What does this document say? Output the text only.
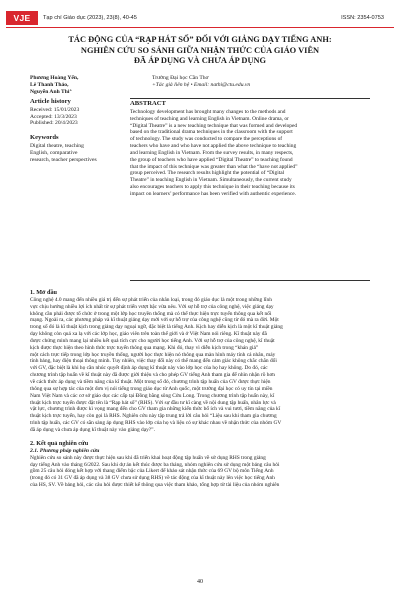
VJE	Tạp chí Giáo dục (2023), 23(8), 40-45	ISSN: 2354-0753
TÁC ĐỘNG CỦA “RẠP HÁT SỐ” ĐỐI VỚI GIẢNG DẠY TIẾNG ANH:
NGHIÊN CỨU SO SÁNH GIỮA NHẬN THỨC CỦA GIÁO VIÊN
ĐÃ ÁP DỤNG VÀ CHƯA ÁP DỤNG
Phương Hoàng Yến,
Lê Thanh Thảo,
Nguyễn Anh Thi⁺
Trường Đại học Cần Thơ
+Tác giả liên hệ • Email: nathi@ctu.edu.vn
Article history
Received: 15/01/2023
Accepted: 13/3/2023
Published: 20/4/2023
Keywords
Digital theatre, teaching
English, comparative
research, teacher perspectives
ABSTRACT
Technology development has brought many changes to the methods and
techniques of teaching and learning English in Vietnam. Online drama, or
“Digital Theatre” is a new teaching technique that was formed and developed
based on the traditional drama techniques in the classroom with the support
of technology. The study was conducted to compare the perceptions of
teachers who have and who have not applied the above technique to teaching
and learning English in Vietnam. From the survey results, in many respects,
the group of teachers who have applied “Digital Theatre” to teaching found
that the impact of this technique was greater than what the “have not applied”
group perceived. The research results highlight the potential of “Digital
Theatre” in teaching English in Vietnam. Simultaneously, the current study
also encourages teachers to apply this technique in their teaching because its
impact on learners’ performance has been verified with authentic experience.
1. Mở đầu
Công nghệ 4.0 mang đến nhiều giá trị đến sự phát triển của nhân loại, trong đó giáo dục là một trong những lĩnh
vực chịu hướng nhiều lợi ích nhất từ sự phát triển vượt bậc vừa nêu. Với sự hỗ trợ của công nghệ, việc giảng dạy
không cần phải được tổ chức ở trong một lớp học truyền thống mà có thể thực hiện trực tuyến thông qua kết nối
mạng. Ngoài ra, các phương pháp và kĩ thuật giảng dạy mới với sự hỗ trợ của công nghệ cũng từ đó mà ra đời. Một
trong số đó là kĩ thuật kịch trong giảng dạy ngoại ngữ, đặc biệt là tiếng Anh. Kịch hay diễn kịch là một kĩ thuật giảng
dạy không còn quá xa lạ với các lớp học, giáo viên trên toàn thế giới và ở Việt Nam nói riêng. Kĩ thuật này đã
được chứng minh mang lại nhiều kết quả tích cực cho người học tiếng Anh. Với sự hỗ trợ của công nghệ, kĩ thuật
kịch được thực hiện theo hình thức trực tuyến thông qua mạng. Khi đó, thay vì diễn kịch trong “khán giả”
một cách trực tiếp trong lớp học truyền thống, người học thực hiện nó thông qua màn hình máy tính cá nhân, máy
tính bảng, hay điện thoại thông minh. Tuy nhiên, việc thay đổi này có thể mang đến cảm giác không chắc chắn đối
với GV, đặc biệt là khi họ cần nhúc quyết định áp dụng kĩ thuật này vào lớp học của họ hay không. Do đó, các
chương trình tập huấn về kĩ thuật này đã được giới thiệu và cho phép GV tiếng Anh tham gia để nhìn nhận rõ hơn
về cách thức áp dụng và tiềm năng của kĩ thuật. Một trong số đó, chương trình tập huấn của GV được thực hiện
thông qua sự hợp tác của một đơn vị nói tiếng trong giáo dục từ Anh quốc, một trường đại học có uy tín tại miền
Nam Việt Nam và các cơ sở giáo dục các cấp tại Đồng bằng sông Cửu Long. Trong chương trình tập huấn này, kĩ
thuật kịch trực tuyến được đặt tên là “Rạp hát số” (RHS). Với sự đầu tư kĩ càng về nội dung tập huấn, nhân lực và
vật lực, chương trình được kì vọng mang đến cho GV tham gia những kiến thức bổ ích và vui tươi, tiềm năng của kĩ
thuật kịch trực tuyến, hay còn gọi là RHS. Nghiên cứu này tập trung trả lời câu hỏi “Liệu sau khi tham gia chương
trình tập huấn, các GV có sẵn sàng áp dụng RHS vào lớp của họ và liệu có sự khác nhau về nhận thức của nhóm GV
đã áp dụng và chưa áp dụng kĩ thuật này vào giảng dạy?”.
2. Kết quả nghiên cứu
2.1. Phương pháp nghiên cứu
Nghiên cứu so sánh này được thực hiện sau khi đã triển khai hoạt động tập huấn về sử dụng RHS trong giảng
dạy tiếng Anh vào tháng 6/2022. Sau khi dự án kết thúc được ba tháng, nhóm nghiên cứu sử dụng một bảng câu hỏi
gồm 25 câu hỏi đóng kết hợp với thang điểm bậc của Likert để khảo sát nhận thức của 69 GV bộ môn Tiếng Anh
(trong đó có 31 GV đã áp dụng và 38 GV chưa sử dụng RHS) về tác động của kĩ thuật này lên việc học tiếng Anh
của HS, SV. Về bảng hỏi, các câu hỏi được thiết kế thông qua việc tham khảo, tổng hợp từ tài liệu của nhóm nghiên
40
